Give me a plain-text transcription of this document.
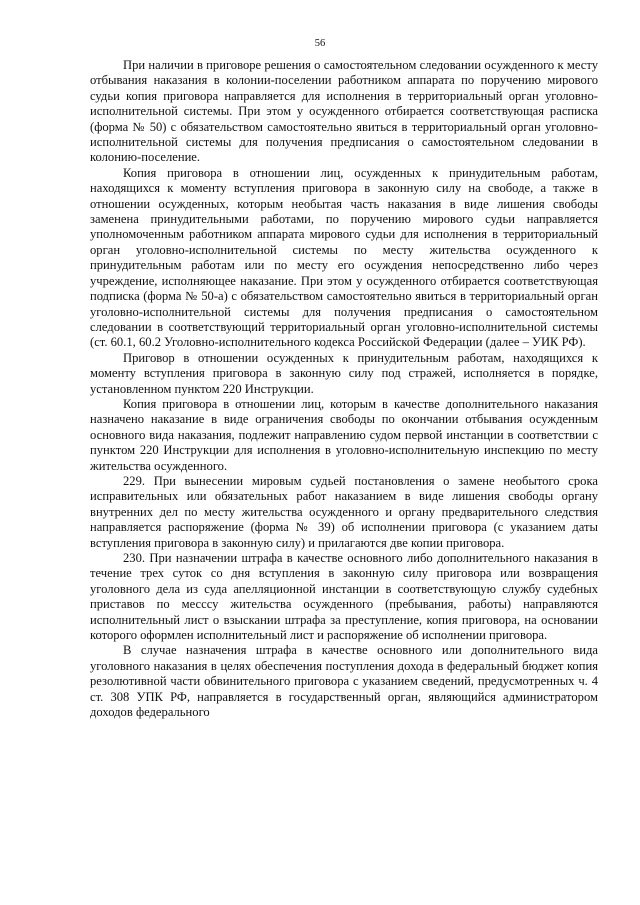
56

При наличии в приговоре решения о самостоятельном следовании осужденного к месту отбывания наказания в колонии-поселении работником аппарата по поручению мирового судьи копия приговора направляется для исполнения в территориальный орган уголовно-исполнительной системы. При этом у осужденного отбирается соответствующая расписка (форма № 50) с обязательством самостоятельно явиться в территориальный орган уголовно-исполнительной системы для получения предписания о самостоятельном следовании в колонию-поселение.

Копия приговора в отношении лиц, осужденных к принудительным работам, находящихся к моменту вступления приговора в законную силу на свободе, а также в отношении осужденных, которым необытая часть наказания в виде лишения свободы заменена принудительными работами, по поручению мирового судьи направляется уполномоченным работником аппарата мирового судьи для исполнения в территориальный орган уголовно-исполнительной системы по месту жительства осужденного к принудительным работам или по месту его осуждения непосредственно либо через учреждение, исполняющее наказание. При этом у осужденного отбирается соответствующая подписка (форма № 50-а) с обязательством самостоятельно явиться в территориальный орган уголовно-исполнительной системы для получения предписания о самостоятельном следовании в соответствующий территориальный орган уголовно-исполнительной системы (ст. 60.1, 60.2 Уголовно-исполнительного кодекса Российской Федерации (далее – УИК РФ).

Приговор в отношении осужденных к принудительным работам, находящихся к моменту вступления приговора в законную силу под стражей, исполняется в порядке, установленном пунктом 220 Инструкции.

Копия приговора в отношении лиц, которым в качестве дополнительного наказания назначено наказание в виде ограничения свободы по окончании отбывания осужденным основного вида наказания, подлежит направлению судом первой инстанции в соответствии с пунктом 220 Инструкции для исполнения в уголовно-исполнительную инспекцию по месту жительства осужденного.

229. При вынесении мировым судьей постановления о замене необытого срока исправительных или обязательных работ наказанием в виде лишения свободы органу внутренних дел по месту жительства осужденного и органу предварительного следствия направляется распоряжение (форма № 39) об исполнении приговора (с указанием даты вступления приговора в законную силу) и прилагаются две копии приговора.

230. При назначении штрафа в качестве основного либо дополнительного наказания в течение трех суток со дня вступления в законную силу приговора или возвращения уголовного дела из суда апелляционной инстанции в соответствующую службу судебных приставов по месссу жительства осужденного (пребывания, работы) направляются исполнительный лист о взыскании штрафа за преступление, копия приговора, на основании которого оформлен исполнительный лист и распоряжение об исполнении приговора.

В случае назначения штрафа в качестве основного или дополнительного вида уголовного наказания в целях обеспечения поступления дохода в федеральный бюджет копия резолютивной части обвинительного приговора с указанием сведений, предусмотренных ч. 4 ст. 308 УПК РФ, направляется в государственный орган, являющийся администратором доходов федерального
